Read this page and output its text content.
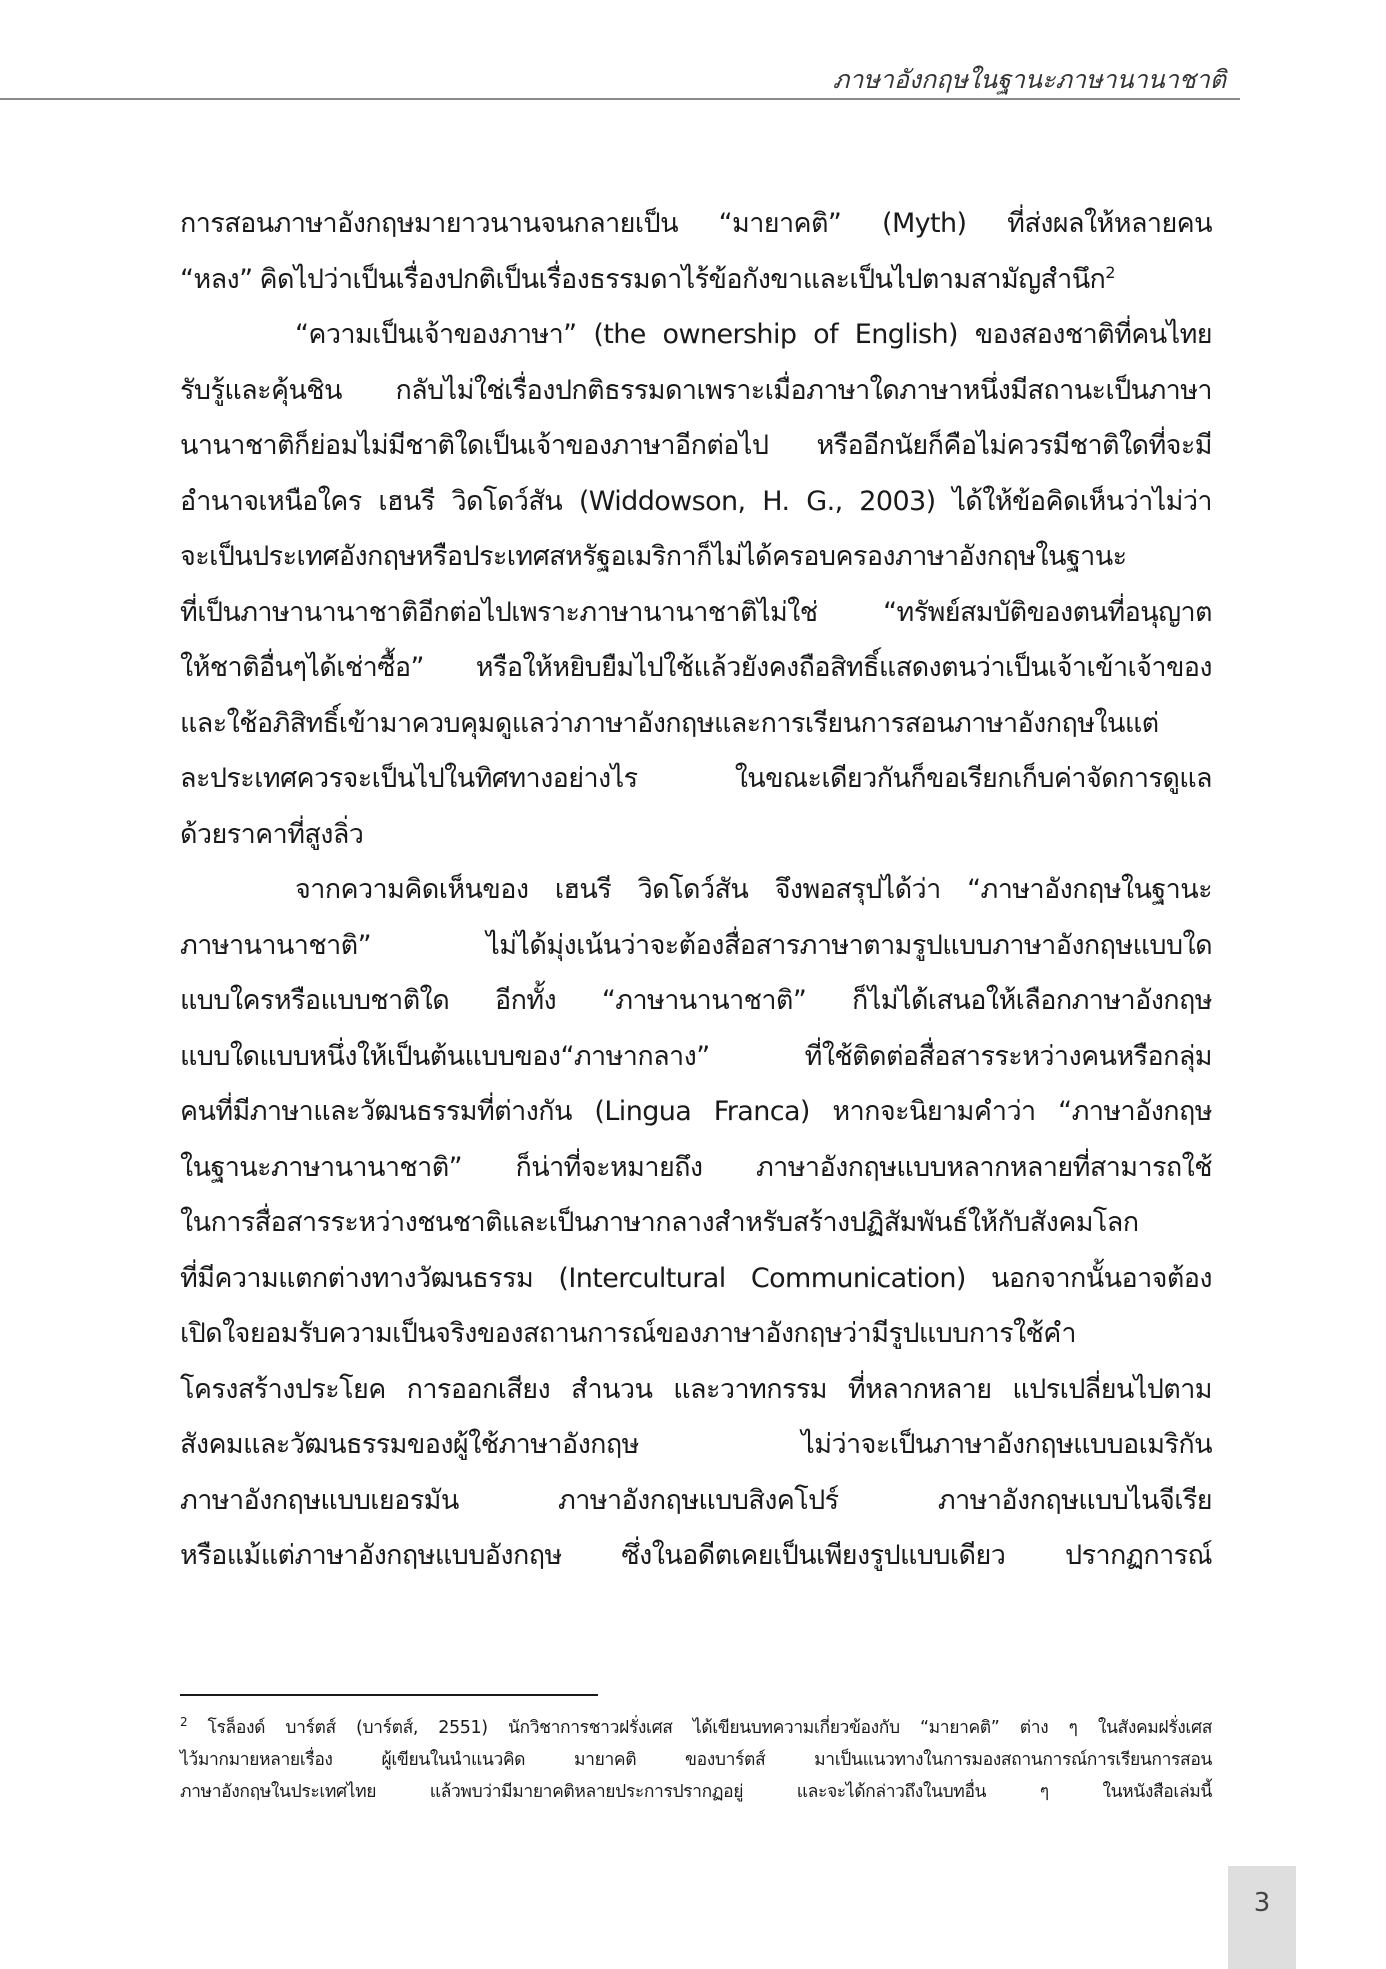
ภาษาอังกฤษในฐานะภาษานานาชาติ
การสอนภาษาอังกฤษมายาวนานจนกลายเป็น “มายาคติ” (Myth) ที่ส่งผลให้หลายคน
“หลง” คิดไปว่าเป็นเรื่องปกติเป็นเรื่องธรรมดาไร้ข้อกังขาและเป็นไปตามสามัญสำนึก$^2$
“ความเป็นเจ้าของภาษา” (the ownership of English) ของสองชาติที่คนไทย
รับรู้และคุ้นชิน กลับไม่ใช่เรื่องปกติธรรมดาเพราะเมื่อภาษาใดภาษาหนึ่งมีสถานะเป็นภาษา
นานาชาติก็ย่อมไม่มีชาติใดเป็นเจ้าของภาษาอีกต่อไป หรืออีกนัยก็คือไม่ควรมีชาติใดที่จะมี
อำนาจเหนือใคร เฮนรี วิดโดว์สัน (Widdowson, H. G., 2003) ได้ให้ข้อคิดเห็นว่าไม่ว่า
จะเป็นประเทศอังกฤษหรือประเทศสหรัฐอเมริกาก็ไม่ได้ครอบครองภาษาอังกฤษในฐานะ
ที่เป็นภาษานานาชาติอีกต่อไปเพราะภาษานานาชาติไม่ใช่ “ทรัพย์สมบัติของตนที่อนุญาต
ให้ชาติอื่นๆได้เช่าซื้อ” หรือให้หยิบยืมไปใช้แล้วยังคงถือสิทธิ์แสดงตนว่าเป็นเจ้าเข้าเจ้าของ
และใช้อภิสิทธิ์เข้ามาควบคุมดูแลว่าภาษาอังกฤษและการเรียนการสอนภาษาอังกฤษในแต่
ละประเทศควรจะเป็นไปในทิศทางอย่างไร ในขณะเดียวกันก็ขอเรียกเก็บค่าจัดการดูแล
ด้วยราคาที่สูงลิ่ว
จากความคิดเห็นของ เฮนรี วิดโดว์สัน จึงพอสรุปได้ว่า “ภาษาอังกฤษในฐานะ
ภาษานานาชาติ” ไม่ได้มุ่งเน้นว่าจะต้องสื่อสารภาษาตามรูปแบบภาษาอังกฤษแบบใด
แบบใครหรือแบบชาติใด อีกทั้ง “ภาษานานาชาติ” ก็ไม่ได้เสนอให้เลือกภาษาอังกฤษ
แบบใดแบบหนึ่งให้เป็นต้นแบบของ“ภาษากลาง” ที่ใช้ติดต่อสื่อสารระหว่างคนหรือกลุ่ม
คนที่มีภาษาและวัฒนธรรมที่ต่างกัน (Lingua Franca) หากจะนิยามคำว่า “ภาษาอังกฤษ
ในฐานะภาษานานาชาติ” ก็น่าที่จะหมายถึง ภาษาอังกฤษแบบหลากหลายที่สามารถใช้
ในการสื่อสารระหว่างชนชาติและเป็นภาษากลางสำหรับสร้างปฏิสัมพันธ์ให้กับสังคมโลก
ที่มีความแตกต่างทางวัฒนธรรม (Intercultural Communication) นอกจากนั้นอาจต้อง
เปิดใจยอมรับความเป็นจริงของสถานการณ์ของภาษาอังกฤษว่ามีรูปแบบการใช้คำ
โครงสร้างประโยค การออกเสียง สำนวน และวาทกรรม ที่หลากหลาย แปรเปลี่ยนไปตาม
สังคมและวัฒนธรรมของผู้ใช้ภาษาอังกฤษ ไม่ว่าจะเป็นภาษาอังกฤษแบบอเมริกัน
ภาษาอังกฤษแบบเยอรมัน ภาษาอังกฤษแบบสิงคโปร์ ภาษาอังกฤษแบบไนจีเรีย
หรือแม้แต่ภาษาอังกฤษแบบอังกฤษ ซึ่งในอดีตเคยเป็นเพียงรูปแบบเดียว ปรากฏการณ์
$^2$ โรล็องด์ บาร์ตส์ (บาร์ตส์, 2551) นักวิชาการชาวฝรั่งเศส ได้เขียนบทความเกี่ยวข้องกับ “มายาคติ” ต่าง ๆ ในสังคมฝรั่งเศส
ไว้มากมายหลายเรื่อง ผู้เขียนในนำแนวคิด มายาคติ ของบาร์ตส์ มาเป็นแนวทางในการมองสถานการณ์การเรียนการสอน
ภาษาอังกฤษในประเทศไทย แล้วพบว่ามีมายาคติหลายประการปรากฏอยู่ และจะได้กล่าวถึงในบทอื่น ๆ ในหนังสือเล่มนี้
3
